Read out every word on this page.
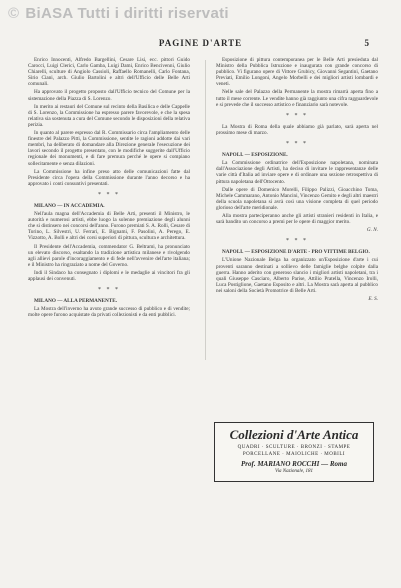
© BiASA Tutti i diritti riservati
PAGINE D'ARTE	5

Enrico Innocenti, Alfredo Bargellini, Cesare Lisi, ecc. pittori Guido Carocci, Luigi Clerici, Carlo Gamba, Luigi Dami, Enrico Bencivenni, Giulio Chiarelli, sculture di Angiolo Cassioli, Raffaello Romanelli, Carlo Fontana, Sirio Ciani, arch. Giulio Bartolini e altri dell'Ufficio delle Belle Arti comunali.

Ha approvato il progetto proposto dall'Ufficio tecnico del Comune per la sistemazione della Piazza di S. Lorenzo.

In merito ai restauri del Comune sul recinto della Basilica e delle Cappelle di S. Lorenzo, la Commissione ha espresso parere favorevole, e che la spesa relativa sia sostenuta a cura del Comune secondo le disposizioni della relativa perizia.

In quanto al parere espresso dal R. Commissario circa l'ampliamento delle finestre del Palazzo Pitti, la Commissione, sentite le ragioni addotte dai vari membri, ha deliberato di domandare alla Direzione generale l'esecuzione dei lavori secondo il progetto presentato, con le modifiche suggerite dall'Ufficio regionale dei monumenti, e di fare premura perché le opere si compiano sollecitamente e senza dilazioni.

La Commissione ha infine preso atto delle comunicazioni fatte dal Presidente circa l'opera della Commissione durante l'anno decorso e ha approvato i conti consuntivi presentati.

* * *

MILANO — IN ACCADEMIA.

Nell'aula magna dell'Accademia di Belle Arti, presenti il Ministro, le autorità e numerosi artisti, ebbe luogo la solenne premiazione degli alunni che si distinsero nei concorsi dell'anno. Furono premiati S. A. Rolli, Cesare di Torino, L. Silvestri, U. Ferrari, E. Bignami, F. Pasolini, A. Perego, E. Vizzotto, A. Bolli e altri dei corsi superiori di pittura, scultura e architettura.

Il Presidente dell'Accademia, commendator G. Beltrami, ha pronunciato un elevato discorso, esaltando la tradizione artistica milanese e rivolgendo agli allievi parole d'incoraggiamento e di fede nell'avvenire dell'arte italiana; e il Ministro ha ringraziato a nome del Governo.

Indi il Sindaco ha consegnato i diplomi e le medaglie ai vincitori fra gli applausi dei convenuti.

* * *

MILANO — ALLA PERMANENTE.

La Mostra dell'inverno ha avuto grande successo di pubblico e di vendite; molte opere furono acquistate da privati collezionisti e da enti pubblici.

Esposizione di pittura contemporanea per le Belle Arti presieduta dal Ministro della Pubblica Istruzione e inaugurata con grande concorso di pubblico. Vi figurano opere di Vittore Grubicy, Giovanni Segantini, Gaetano Previati, Emilio Longoni, Angelo Morbelli e dei migliori artisti lombardi e veneti.

Nelle sale del Palazzo della Permanente la mostra rimarrà aperta fino a tutto il mese corrente. Le vendite hanno già raggiunto una cifra ragguardevole e si prevede che il successo artistico e finanziario sarà notevole.

* * *

La Mostra di Roma della quale abbiamo già parlato, sarà aperta nel prossimo mese di marzo.

* * *

NAPOLI. — ESPOSIZIONE.

La Commissione ordinatrice dell'Esposizione napoletana, nominata dall'Associazione degli Artisti, ha deciso di invitare le rappresentanze delle varie città d'Italia ad inviare opere e di ordinare una sezione retrospettiva di pittura napoletana dell'Ottocento.

Dalle opere di Domenico Morelli, Filippo Palizzi, Gioacchino Toma, Michele Cammarano, Antonio Mancini, Vincenzo Gemito e degli altri maestri della scuola napoletana si avrà così una visione completa di quel periodo glorioso dell'arte meridionale.

Alla mostra parteciperanno anche gli artisti stranieri residenti in Italia, e sarà bandito un concorso a premi per le opere di maggior merito.

G. N.
* * *

NAPOLI. — ESPOSIZIONE D'ARTE - PRO VITTIME BELGIO.

L'Unione Nazionale Belga ha organizzato un'Esposizione d'arte i cui proventi saranno destinati a sollievo delle famiglie belghe colpite dalla guerra. Hanno aderito con generoso slancio i migliori artisti napoletani, tra i quali Giuseppe Casciaro, Alberto Parise, Attilio Pratella, Vincenzo Irolli, Luca Postiglione, Gaetano Esposito e altri. La Mostra sarà aperta al pubblico nei saloni della Società Promotrice di Belle Arti.

E. S.
Collezioni d'Arte Antica
QUADRI · SCULTURE · BRONZI · STAMPE
PORCELLANE · MAIOLICHE · MOBILI
Prof. MARIANO ROCCHI — Roma
Via Nazionale, 181
